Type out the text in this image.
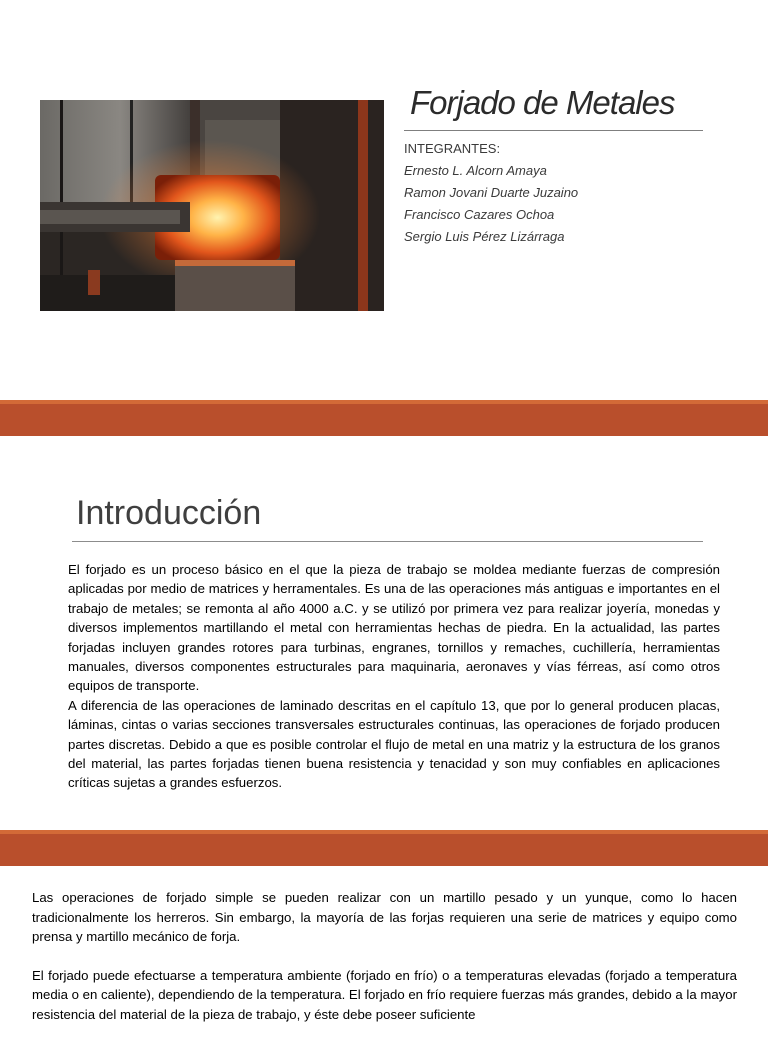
Forjado de Metales
INTEGRANTES:
Ernesto L. Alcorn Amaya
Ramon Jovani Duarte Juzaino
Francisco Cazares Ochoa
Sergio Luis Pérez Lizárraga
Introducción

El forjado es un proceso básico en el que la pieza de trabajo se moldea mediante fuerzas de compresión aplicadas por medio de matrices y herramentales. Es una de las operaciones más antiguas e importantes en el trabajo de metales; se remonta al año 4000 a.C. y se utilizó por primera vez para realizar joyería, monedas y diversos implementos martillando el metal con herramientas hechas de piedra. En la actualidad, las partes forjadas incluyen grandes rotores para turbinas, engranes, tornillos y remaches, cuchillería, herramientas manuales, diversos componentes estructurales para maquinaria, aeronaves y vías férreas, así como otros equipos de transporte.

A diferencia de las operaciones de laminado descritas en el capítulo 13, que por lo general producen placas, láminas, cintas o varias secciones transversales estructurales continuas, las operaciones de forjado producen partes discretas. Debido a que es posible controlar el flujo de metal en una matriz y la estructura de los granos del material, las partes forjadas tienen buena resistencia y tenacidad y son muy confiables en aplicaciones críticas sujetas a grandes esfuerzos.

Las operaciones de forjado simple se pueden realizar con un martillo pesado y un yunque, como lo hacen tradicionalmente los herreros. Sin embargo, la mayoría de las forjas requieren una serie de matrices y equipo como prensa y martillo mecánico de forja.

El forjado puede efectuarse a temperatura ambiente (forjado en frío) o a temperaturas elevadas (forjado a temperatura media o en caliente), dependiendo de la temperatura. El forjado en frío requiere fuerzas más grandes, debido a la mayor resistencia del material de la pieza de trabajo, y éste debe poseer suficiente
